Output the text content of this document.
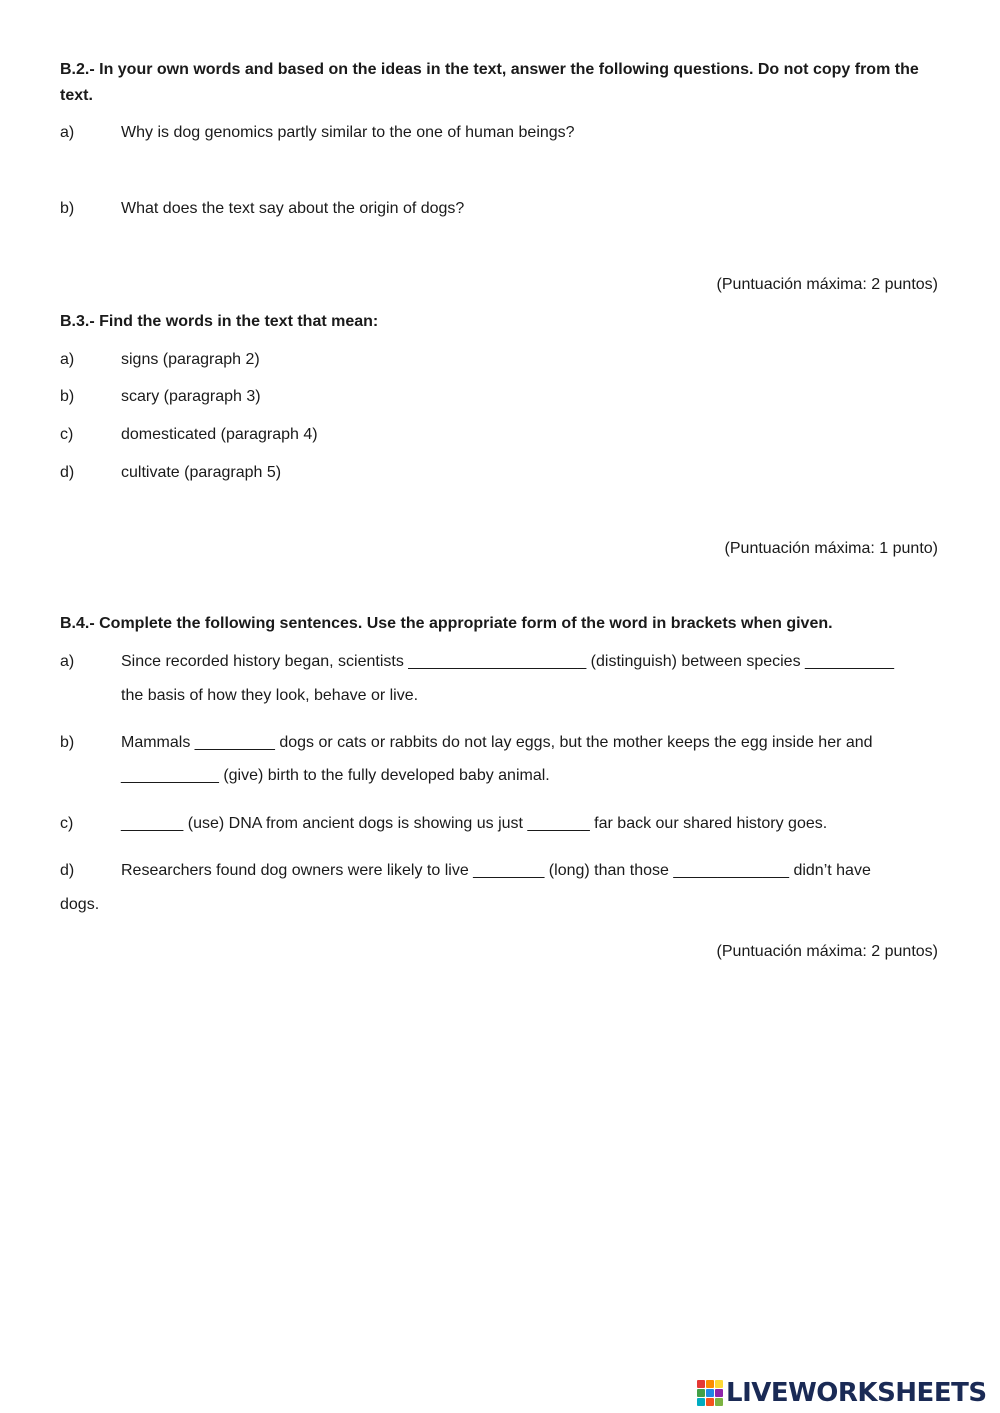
B.2.- In your own words and based on the ideas in the text, answer the following questions. Do not copy from the
text.
a)	Why is dog genomics partly similar to the one of human beings?
b)	What does the text say about the origin of dogs?
(Puntuación máxima: 2 puntos)
B.3.- Find the words in the text that mean:
a)	signs (paragraph 2)
b)	scary (paragraph 3)
c)	domesticated (paragraph 4)
d)	cultivate (paragraph 5)
(Puntuación máxima: 1 punto)
B.4.- Complete the following sentences. Use the appropriate form of the word in brackets when given.
a)	Since recorded history began, scientists ____________________ (distinguish) between species __________
the basis of how they look, behave or live.
b)	Mammals _________ dogs or cats or rabbits do not lay eggs, but the mother keeps the egg inside her and
___________ (give) birth to the fully developed baby animal.
c)	_______ (use) DNA from ancient dogs is showing us just _______ far back our shared history goes.
d)	Researchers found dog owners were likely to live ________ (long) than those _____________ didn’t have
dogs.
(Puntuación máxima: 2 puntos)
LIVEWORKSHEETS
